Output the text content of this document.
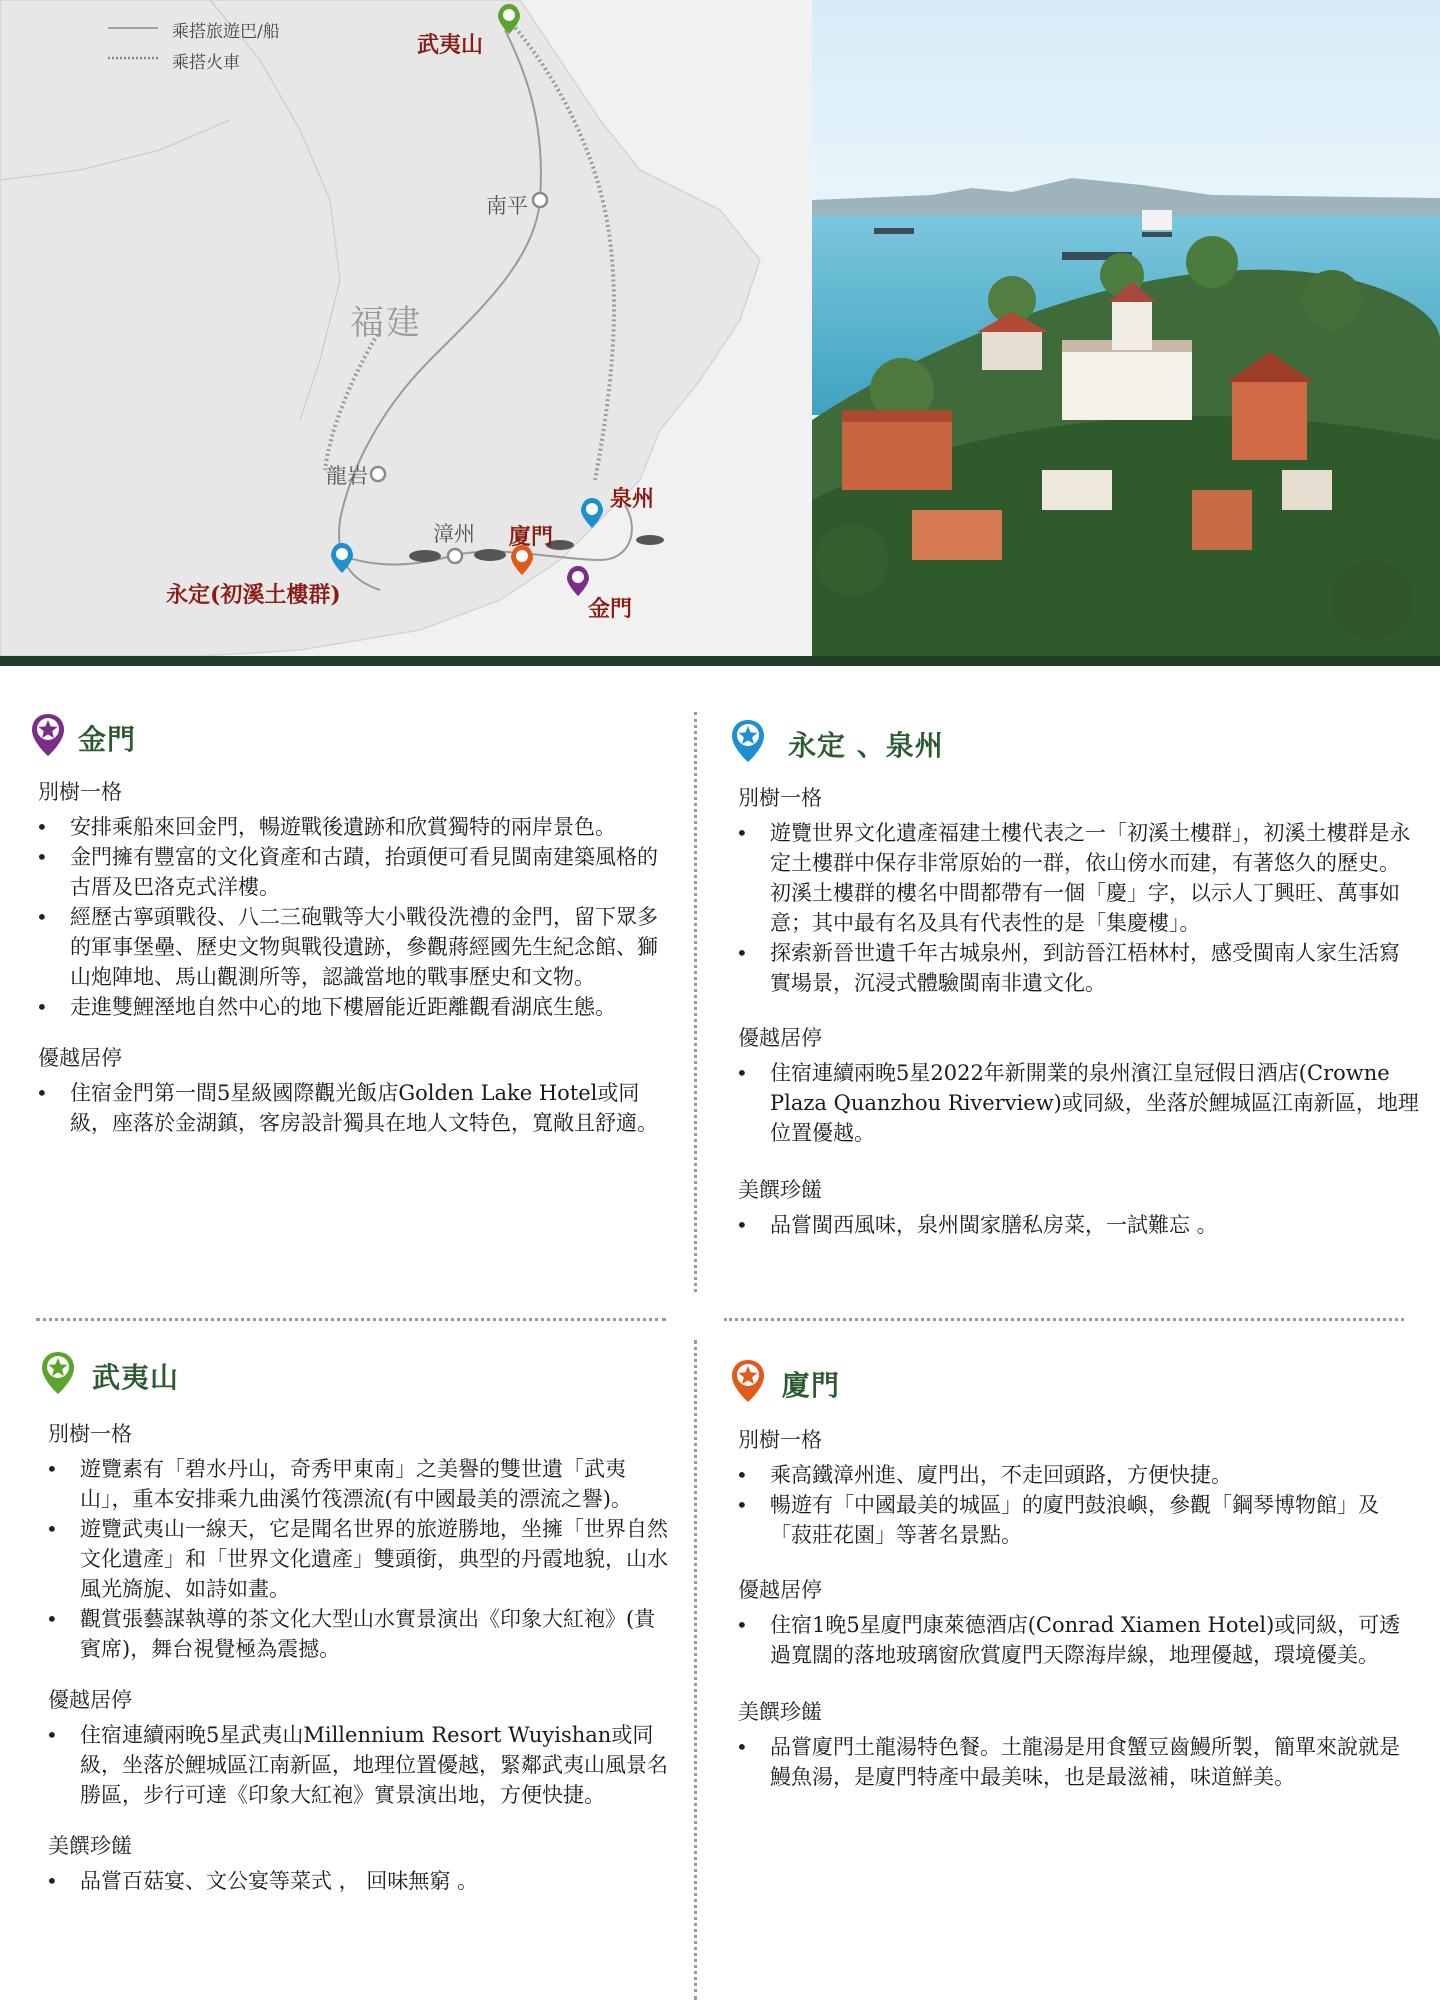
乘搭旅遊巴/船
乘搭火車
武夷山
南平
福建
龍岩
漳州 廈門
泉州
金門
永定(初溪土樓群)
金門
別樹一格
• 安排乘船來回金門，暢遊戰後遺跡和欣賞獨特的兩岸景色。
• 金門擁有豐富的文化資產和古蹟，抬頭便可看見閩南建築風格的古厝及巴洛克式洋樓。
• 經歷古寧頭戰役、八二三砲戰等大小戰役洗禮的金門，留下眾多的軍事堡壘、歷史文物與戰役遺跡，參觀蔣經國先生紀念館、獅山炮陣地、馬山觀測所等，認識當地的戰事歷史和文物。
• 走進雙鯉溼地自然中心的地下樓層能近距離觀看湖底生態。
優越居停
• 住宿金門第一間5星級國際觀光飯店Golden Lake Hotel或同級，座落於金湖鎮，客房設計獨具在地人文特色，寬敞且舒適。
永定 、泉州
別樹一格
• 遊覽世界文化遺產福建土樓代表之一「初溪土樓群」，初溪土樓群是永定土樓群中保存非常原始的一群，依山傍水而建，有著悠久的歷史。初溪土樓群的樓名中間都帶有一個「慶」字，以示人丁興旺、萬事如意；其中最有名及具有代表性的是「集慶樓」。
• 探索新晉世遺千年古城泉州，到訪晉江梧林村，感受閩南人家生活寫實場景，沉浸式體驗閩南非遺文化。
優越居停
• 住宿連續兩晚5星2022年新開業的泉州濱江皇冠假日酒店(Crowne Plaza Quanzhou Riverview)或同級，坐落於鯉城區江南新區，地理位置優越。
美饌珍饈
• 品嘗閩西風味，泉州閩家膳私房菜，一試難忘 。
武夷山
別樹一格
• 遊覽素有「碧水丹山，奇秀甲東南」之美譽的雙世遺「武夷山」，重本安排乘九曲溪竹筏漂流(有中國最美的漂流之譽)。
• 遊覽武夷山一線天，它是聞名世界的旅遊勝地，坐擁「世界自然文化遺產」和「世界文化遺產」雙頭銜，典型的丹霞地貌，山水風光旖旎、如詩如畫。
• 觀賞張藝謀執導的茶文化大型山水實景演出《印象大紅袍》(貴賓席)，舞台視覺極為震撼。
優越居停
• 住宿連續兩晚5星武夷山Millennium Resort Wuyishan或同級，坐落於鯉城區江南新區，地理位置優越，緊鄰武夷山風景名勝區，步行可達《印象大紅袍》實景演出地，方便快捷。
美饌珍饈
• 品嘗百菇宴、文公宴等菜式 ， 回味無窮 。
廈門
別樹一格
• 乘高鐵漳州進、廈門出，不走回頭路，方便快捷。
• 暢遊有「中國最美的城區」的廈門鼓浪嶼，參觀「鋼琴博物館」及「菽莊花園」等著名景點。
優越居停
• 住宿1晚5星廈門康萊德酒店(Conrad Xiamen Hotel)或同級，可透過寬闊的落地玻璃窗欣賞廈門天際海岸線，地理優越，環境優美。
美饌珍饈
• 品嘗廈門土龍湯特色餐。土龍湯是用食蟹豆齒鰻所製，簡單來說就是鰻魚湯，是廈門特產中最美味，也是最滋補，味道鮮美。
